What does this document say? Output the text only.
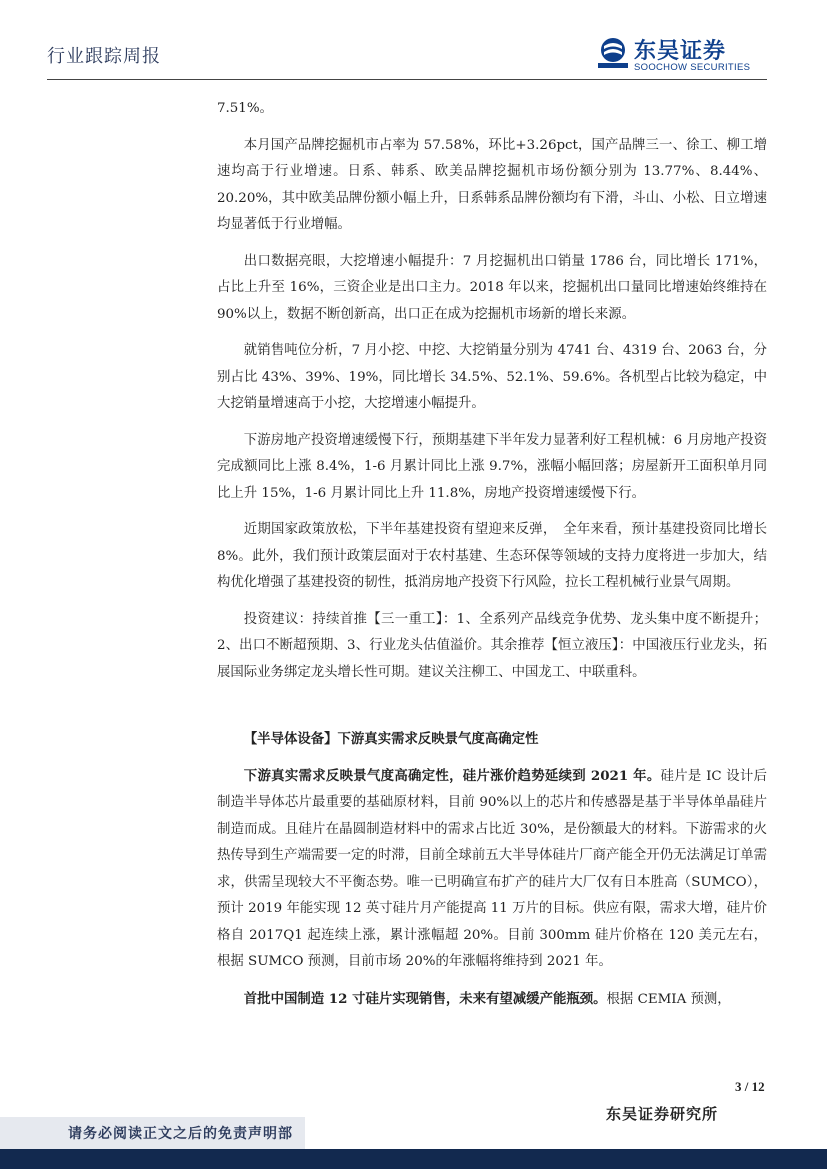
行业跟踪周报	东吴证券
SOOCHOW SECURITIES

7.51%。

本月国产品牌挖掘机市占率为 57.58%，环比+3.26pct，国产品牌三一、徐工、柳工增速均高于行业增速。日系、韩系、欧美品牌挖掘机市场份额分别为 13.77%、8.44%、20.20%，其中欧美品牌份额小幅上升，日系韩系品牌份额均有下滑，斗山、小松、日立增速均显著低于行业增幅。

出口数据亮眼，大挖增速小幅提升：7 月挖掘机出口销量 1786 台，同比增长 171%，占比上升至 16%，三资企业是出口主力。2018 年以来，挖掘机出口量同比增速始终维持在 90%以上，数据不断创新高，出口正在成为挖掘机市场新的增长来源。

就销售吨位分析，7 月小挖、中挖、大挖销量分别为 4741 台、4319 台、2063 台，分别占比 43%、39%、19%，同比增长 34.5%、52.1%、59.6%。各机型占比较为稳定，中大挖销量增速高于小挖，大挖增速小幅提升。

下游房地产投资增速缓慢下行，预期基建下半年发力显著利好工程机械：6 月房地产投资完成额同比上涨 8.4%，1-6 月累计同比上涨 9.7%，涨幅小幅回落；房屋新开工面积单月同比上升 15%，1-6 月累计同比上升 11.8%，房地产投资增速缓慢下行。

近期国家政策放松，下半年基建投资有望迎来反弹，　全年来看，预计基建投资同比增长 8%。此外，我们预计政策层面对于农村基建、生态环保等领域的支持力度将进一步加大，结构优化增强了基建投资的韧性，抵消房地产投资下行风险，拉长工程机械行业景气周期。

投资建议：持续首推【三一重工】：1、全系列产品线竞争优势、龙头集中度不断提升；2、出口不断超预期、3、行业龙头估值溢价。其余推荐【恒立液压】：中国液压行业龙头，拓展国际业务绑定龙头增长性可期。建议关注柳工、中国龙工、中联重科。

【半导体设备】下游真实需求反映景气度高确定性

下游真实需求反映景气度高确定性，硅片涨价趋势延续到 2021 年。硅片是 IC 设计后制造半导体芯片最重要的基础原材料，目前 90%以上的芯片和传感器是基于半导体单晶硅片制造而成。且硅片在晶圆制造材料中的需求占比近 30%，是份额最大的材料。下游需求的火热传导到生产端需要一定的时滞，目前全球前五大半导体硅片厂商产能全开仍无法满足订单需求，供需呈现较大不平衡态势。唯一已明确宣布扩产的硅片大厂仅有日本胜高（SUMCO），预计 2019 年能实现 12 英寸硅片月产能提高 11 万片的目标。供应有限，需求大增，硅片价格自 2017Q1 起连续上涨，累计涨幅超 20%。目前 300mm 硅片价格在 120 美元左右，根据 SUMCO 预测，目前市场 20%的年涨幅将维持到 2021 年。

首批中国制造 12 寸硅片实现销售，未来有望减缓产能瓶颈。根据 CEMIA 预测，

3 / 12
东吴证券研究所
请务必阅读正文之后的免责声明部
